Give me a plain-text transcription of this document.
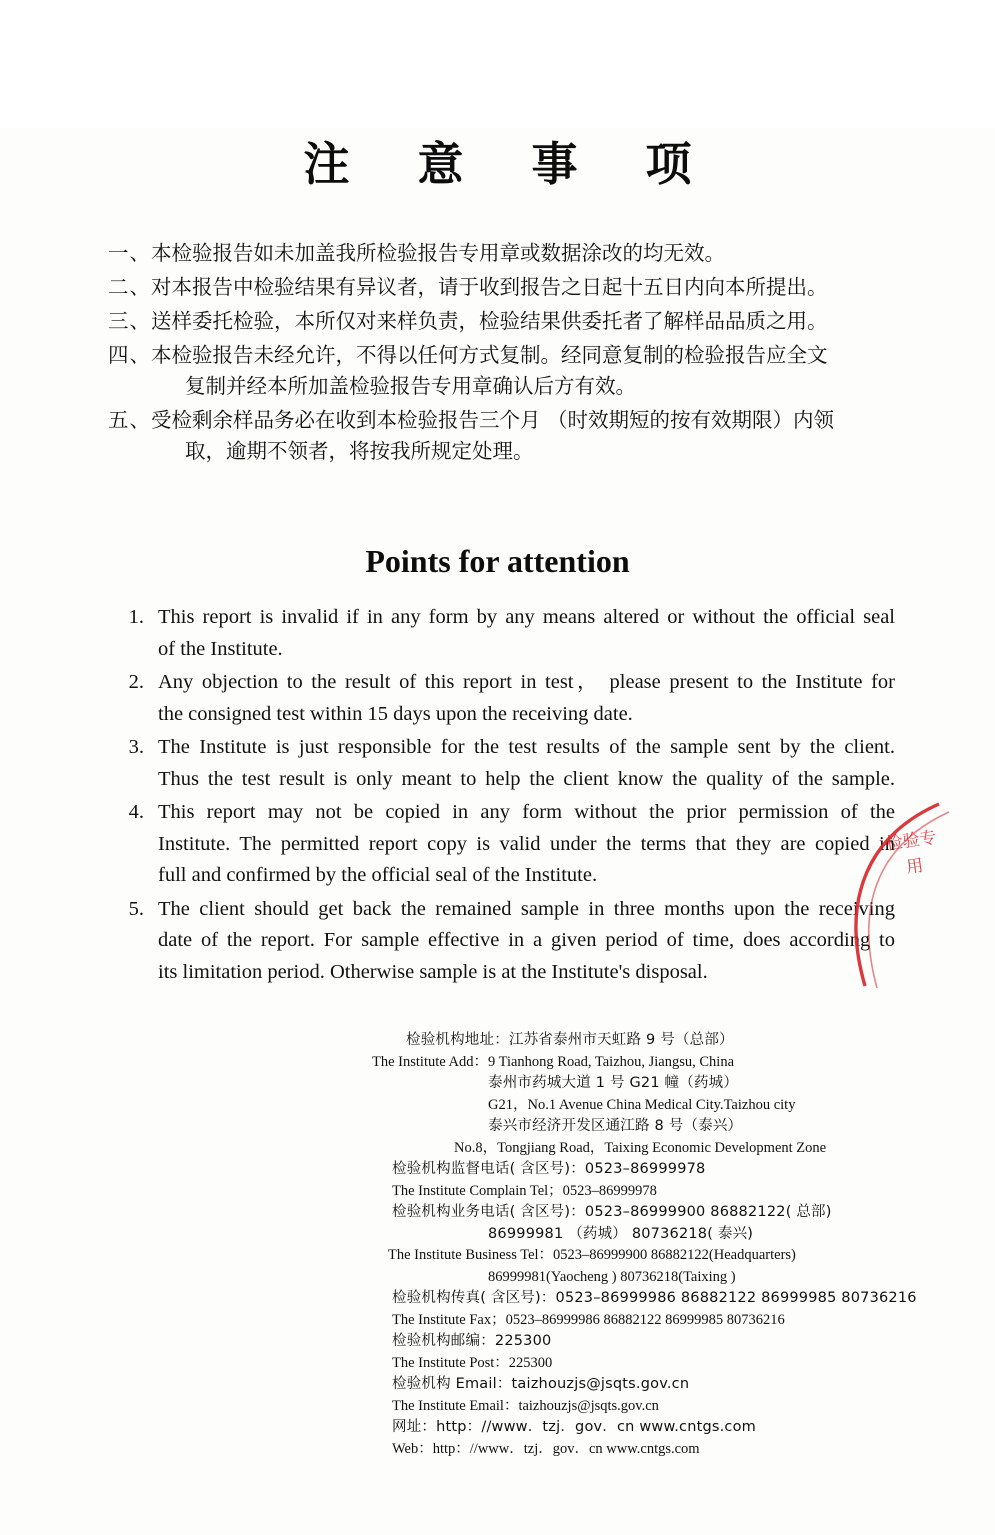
注 意 事 项
一、 本检验报告如未加盖我所检验报告专用章或数据涂改的均无效。
二、 对本报告中检验结果有异议者，请于收到报告之日起十五日内向本所提出。
三、 送样委托检验，本所仅对来样负责，检验结果供委托者了解样品品质之用。
四、 本检验报告未经允许，不得以任何方式复制。经同意复制的检验报告应全文
复制并经本所加盖检验报告专用章确认后方有效。
五、 受检剩余样品务必在收到本检验报告三个月 （时效期短的按有效期限）内领
取，逾期不领者，将按我所规定处理。
Points for attention
1. This report is invalid if in any form by any means altered or without the official seal
of the Institute.
2. Any objection to the result of this report in test， please present to the Institute for
the consigned test within 15 days upon the receiving date.
3. The Institute is just responsible for the test results of the sample sent by the client.
Thus the test result is only meant to help the client know the quality of the sample.
4. This report may not be copied in any form without the prior permission of the
Institute. The permitted report copy is valid under the terms that they are copied in
full and confirmed by the official seal of the Institute.
5. The client should get back the remained sample in three months upon the receiving
date of the report. For sample effective in a given period of time, does according to
its limitation period. Otherwise sample is at the Institute's disposal.
检验机构地址：江苏省泰州市天虹路 9 号（总部）
The Institute Add：9 Tianhong Road, Taizhou, Jiangsu, China
泰州市药城大道 1 号 G21 幢（药城）
G21，No.1 Avenue China Medical City.Taizhou city
泰兴市经济开发区通江路 8 号（泰兴）
No.8，Tongjiang Road，Taixing Economic Development Zone
检验机构监督电话( 含区号)：0523–86999978
The Institute Complain Tel；0523–86999978
检验机构业务电话( 含区号)：0523–86999900 86882122( 总部)
86999981 （药城） 80736218( 泰兴)
The Institute Business Tel：0523–86999900 86882122(Headquarters)
86999981(Yaocheng ) 80736218(Taixing )
检验机构传真( 含区号)：0523–86999986 86882122 86999985 80736216
The Institute Fax；0523–86999986 86882122 86999985 80736216
检验机构邮编：225300
The Institute Post：225300
检验机构 Email：taizhouzjs@jsqts.gov.cn
The Institute Email：taizhouzjs@jsqts.gov.cn
网址：http：//www．tzj．gov．cn www.cntgs.com
Web：http：//www．tzj．gov．cn www.cntgs.com
检验专用
